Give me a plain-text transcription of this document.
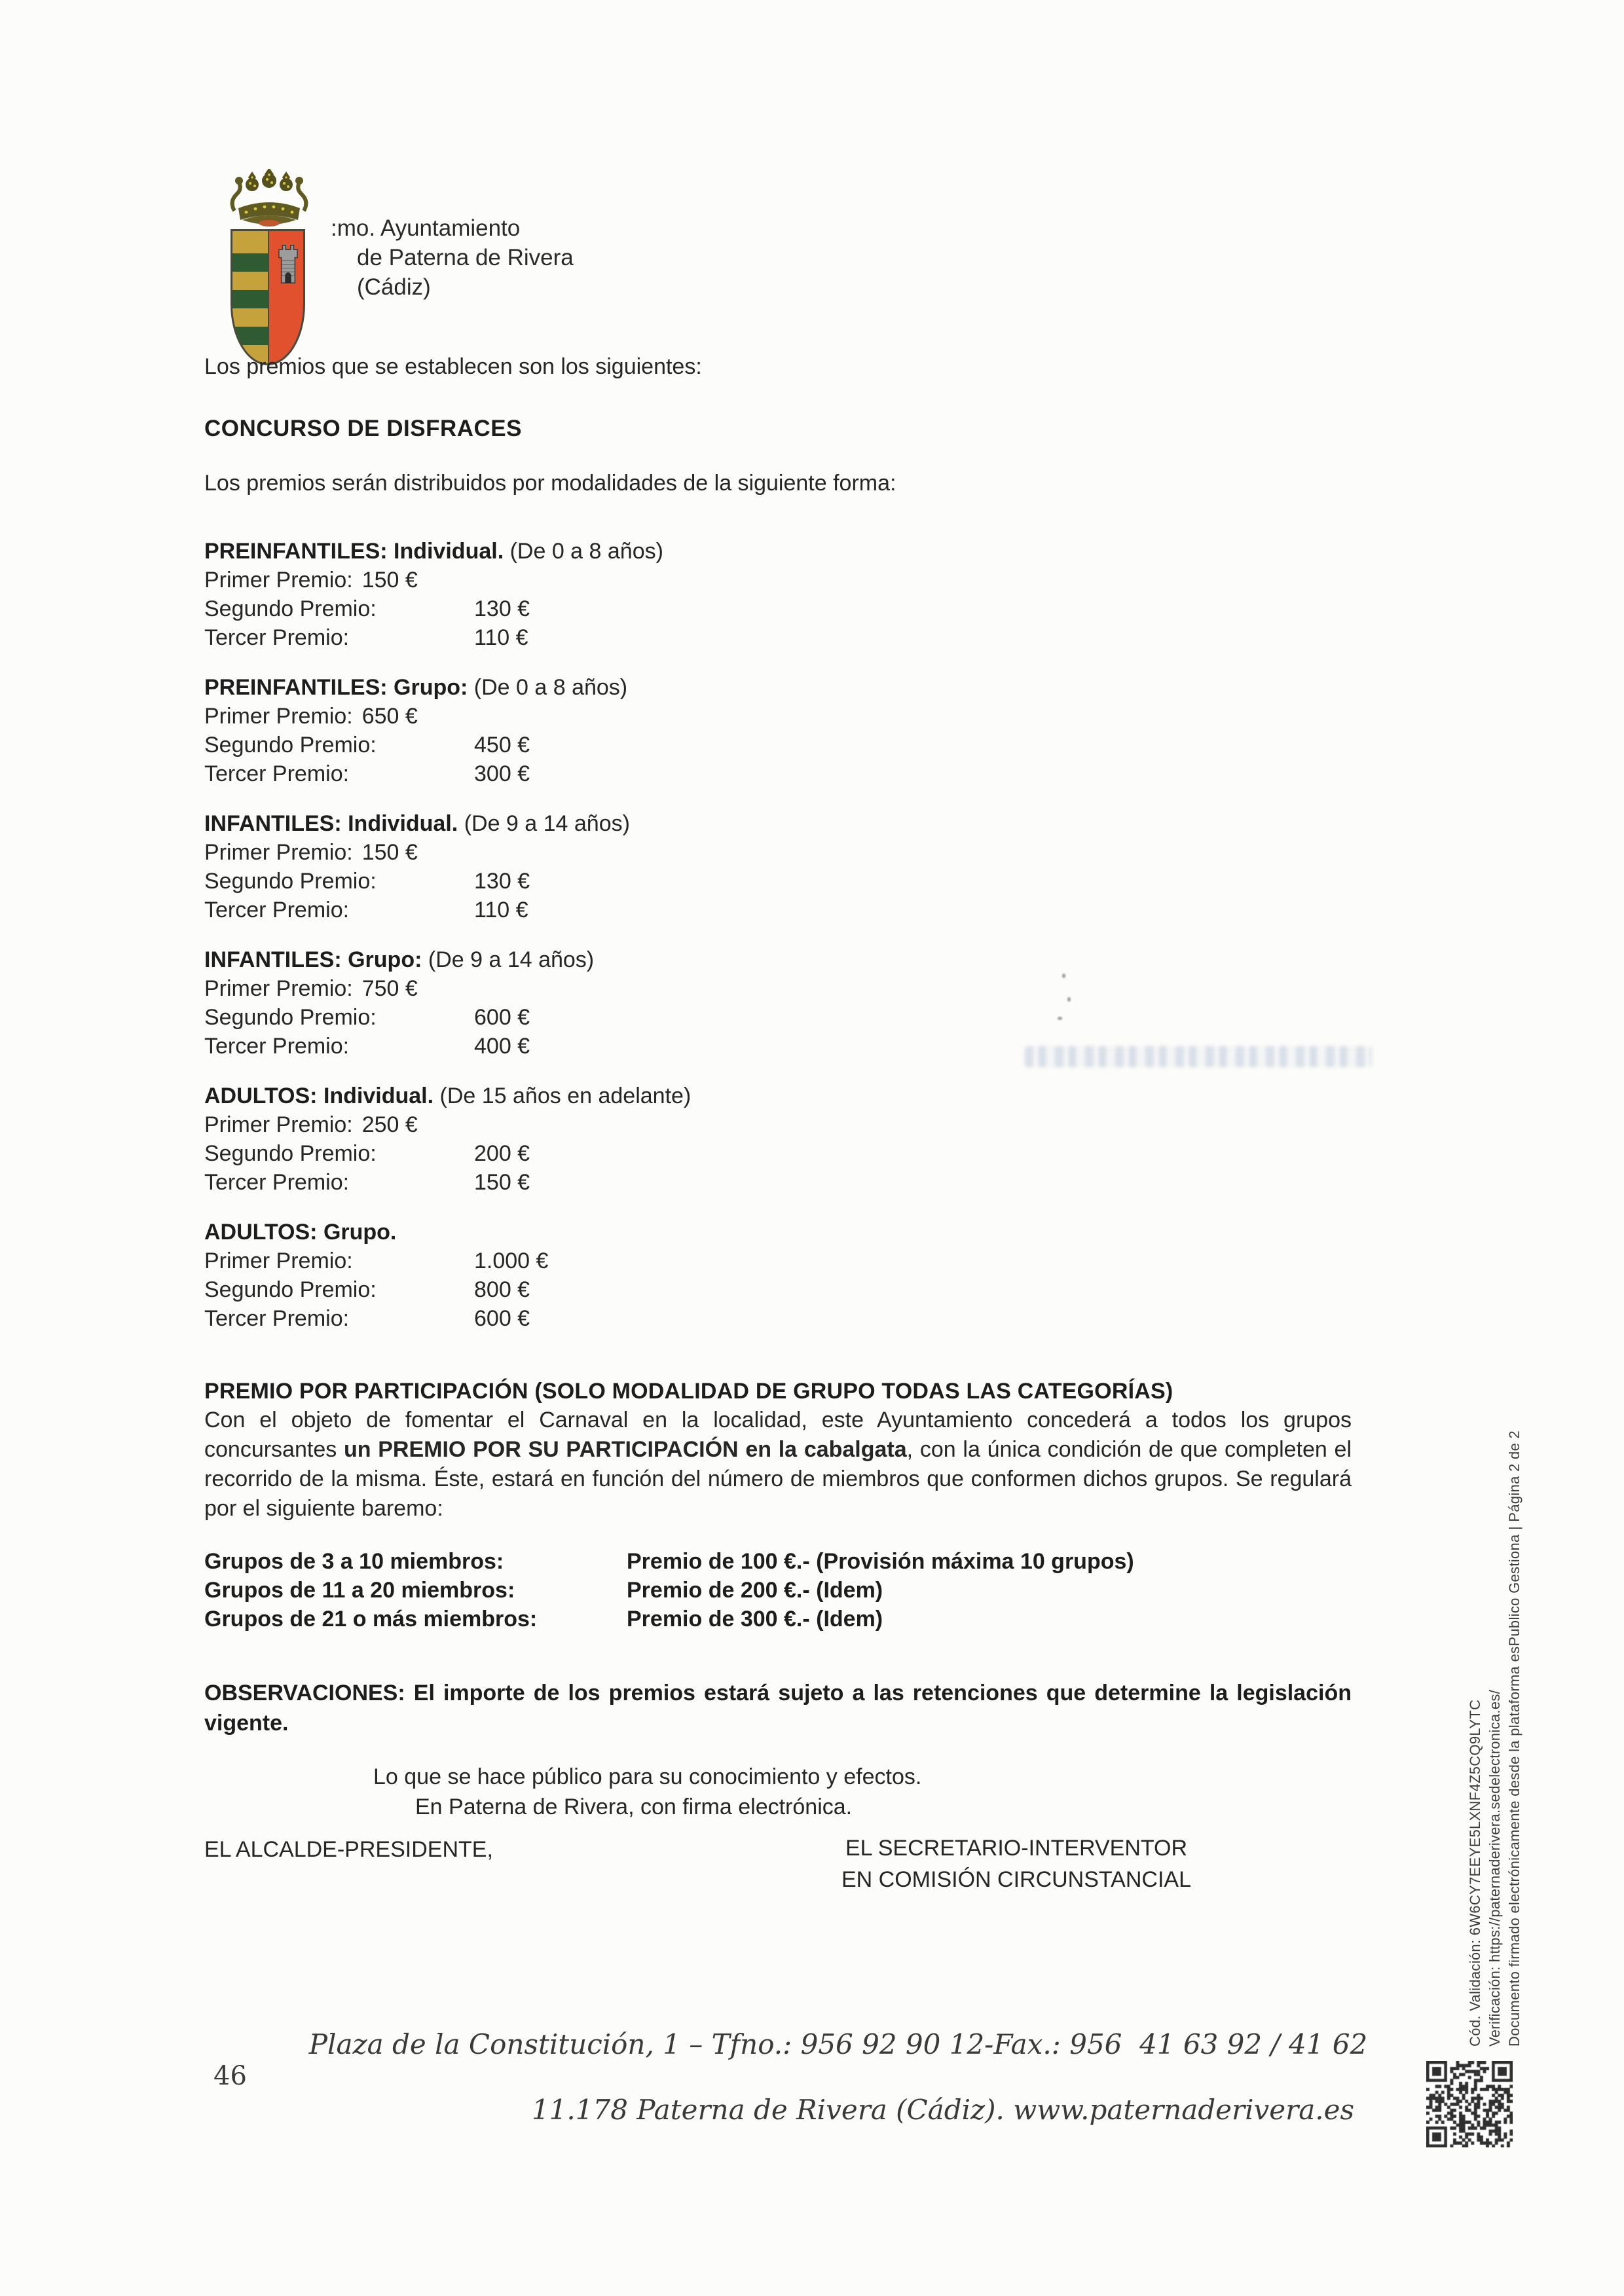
:mo. Ayuntamiento
de Paterna de Rivera
(Cádiz)

Los premios que se establecen son los siguientes:

CONCURSO DE DISFRACES

Los premios serán distribuidos por modalidades de la siguiente forma:

PREINFANTILES: Individual. (De 0 a 8 años)
Primer Premio: 150 €
Segundo Premio:	130 €
Tercer Premio:	110 €
PREINFANTILES: Grupo: (De 0 a 8 años)
Primer Premio: 650 €
Segundo Premio:	450 €
Tercer Premio:	300 €
INFANTILES: Individual. (De 9 a 14 años)
Primer Premio: 150 €
Segundo Premio:	130 €
Tercer Premio:	110 €
INFANTILES: Grupo: (De 9 a 14 años)
Primer Premio: 750 €
Segundo Premio:	600 €
Tercer Premio:	400 €
ADULTOS: Individual. (De 15 años en adelante)
Primer Premio: 250 €
Segundo Premio:	200 €
Tercer Premio:	150 €
ADULTOS: Grupo.
Primer Premio:	1.000 €
Segundo Premio:	800 €
Tercer Premio:	600 €
PREMIO POR PARTICIPACIÓN (SOLO MODALIDAD DE GRUPO TODAS LAS CATEGORÍAS)

Con el objeto de fomentar el Carnaval en la localidad, este Ayuntamiento concederá a todos los grupos concursantes un PREMIO POR SU PARTICIPACIÓN en la cabalgata, con la única condición de que completen el recorrido de la misma. Éste, estará en función del número de miembros que conformen dichos grupos. Se regulará por el siguiente baremo:

Grupos de 3 a 10 miembros:	Premio de 100 €.- (Provisión máxima 10 grupos)
Grupos de 11 a 20 miembros:	Premio de 200 €.- (Idem)
Grupos de 21 o más miembros:	Premio de 300 €.- (Idem)

OBSERVACIONES: El importe de los premios estará sujeto a las retenciones que determine la legislación vigente.

Lo que se hace público para su conocimiento y efectos.
En Paterna de Rivera, con firma electrónica.
EL ALCALDE-PRESIDENTE,	EL SECRETARIO-INTERVENTOR
EN COMISIÓN CIRCUNSTANCIAL
Plaza de la Constitución, 1 – Tfno.: 956 92 90 12-Fax.: 956  41 63 92 / 41 62
46
11.178 Paterna de Rivera (Cádiz). www.paternaderivera.es
Cód. Validación: 6W6CY7EEYE5LXNF4Z5CQ9LYTC Verificación: https://paternaderivera.sedelectronica.es/ Documento firmado electrónicamente desde la plataforma esPublico Gestiona | Página 2 de 2
